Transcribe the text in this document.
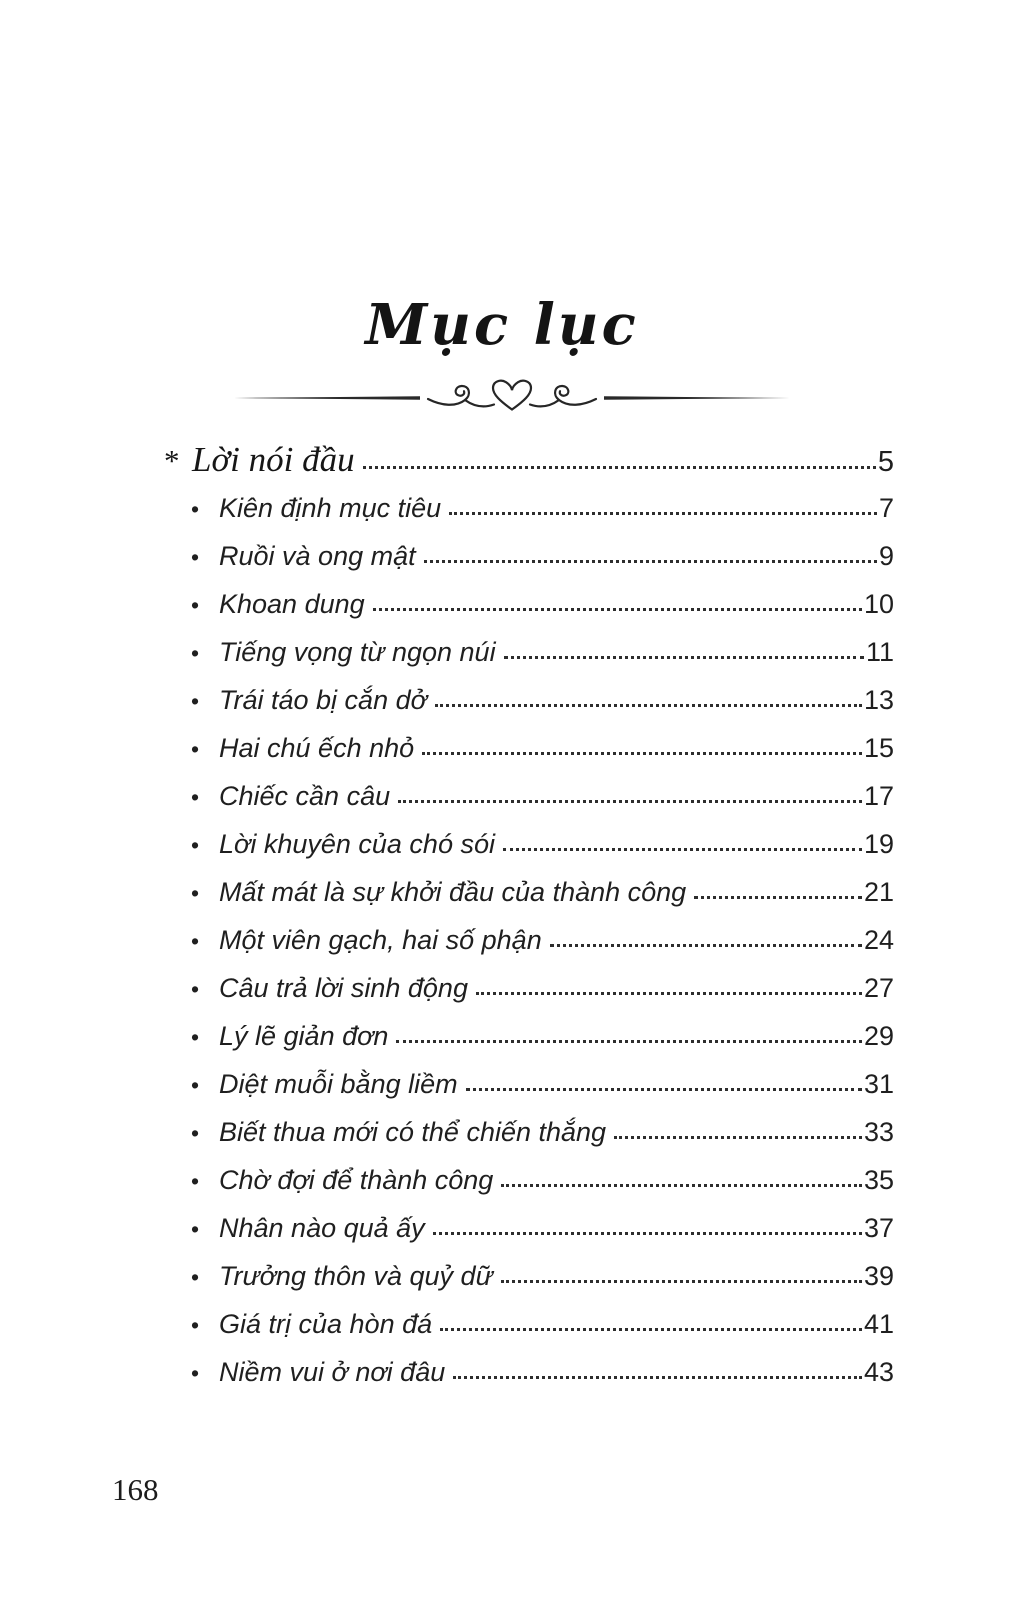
Mục lục
* Lời nói đầu	5
• Kiên định mục tiêu	7
• Ruồi và ong mật	9
• Khoan dung	10
• Tiếng vọng từ ngọn núi	11
• Trái táo bị cắn dở	13
• Hai chú ếch nhỏ	15
• Chiếc cần câu	17
• Lời khuyên của chó sói	19
• Mất mát là sự khởi đầu của thành công	21
• Một viên gạch, hai số phận	24
• Câu trả lời sinh động	27
• Lý lẽ giản đơn	29
• Diệt muỗi bằng liềm	31
• Biết thua mới có thể chiến thắng	33
• Chờ đợi để thành công	35
• Nhân nào quả ấy	37
• Trưởng thôn và quỷ dữ	39
• Giá trị của hòn đá	41
• Niềm vui ở nơi đâu	43
168
